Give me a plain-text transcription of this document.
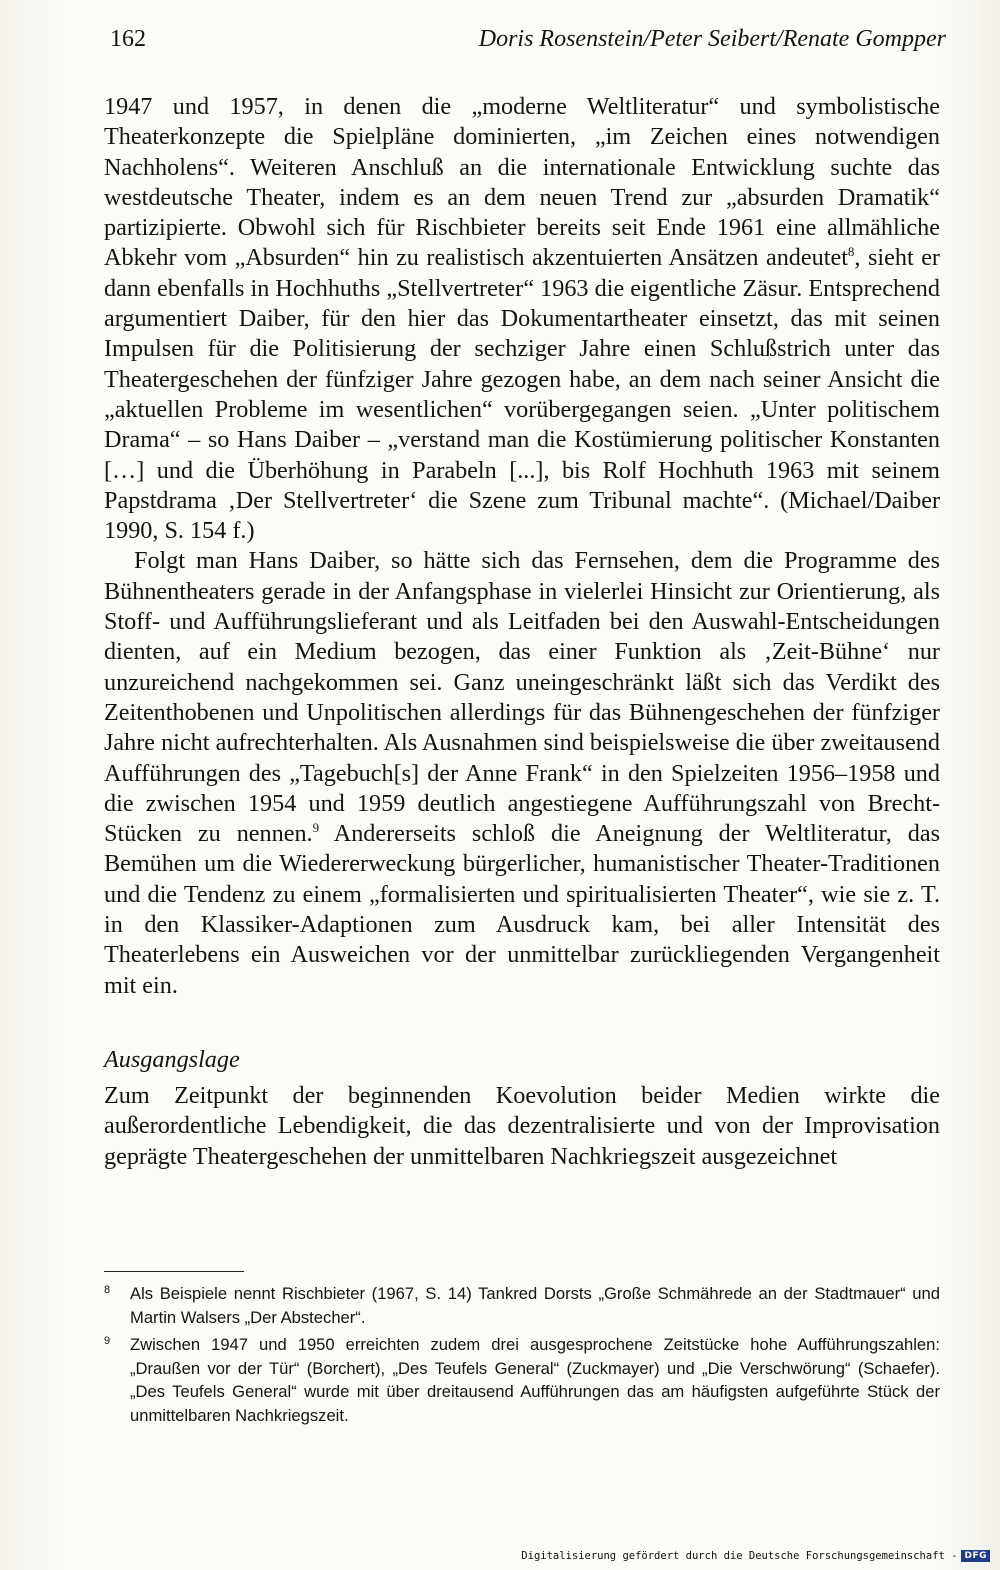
162	Doris Rosenstein/Peter Seibert/Renate Gompper

1947 und 1957, in denen die „moderne Weltliteratur“ und symbolistische Theaterkonzepte die Spielpläne dominierten, „im Zeichen eines notwendigen Nachholens“. Weiteren Anschluß an die internationale Entwicklung suchte das westdeutsche Theater, indem es an dem neuen Trend zur „absurden Dramatik“ partizipierte. Obwohl sich für Rischbieter bereits seit Ende 1961 eine allmähliche Abkehr vom „Absurden“ hin zu realistisch akzentuierten Ansätzen andeutet$^8$, sieht er dann ebenfalls in Hochhuths „Stellvertreter“ 1963 die eigentliche Zäsur. Entsprechend argumentiert Daiber, für den hier das Dokumentartheater einsetzt, das mit seinen Impulsen für die Politisierung der sechziger Jahre einen Schlußstrich unter das Theatergeschehen der fünfziger Jahre gezogen habe, an dem nach seiner Ansicht die „aktuellen Probleme im wesentlichen“ vorübergegangen seien. „Unter politischem Drama“ – so Hans Daiber – „verstand man die Kostümierung politischer Konstanten […] und die Überhöhung in Parabeln [...], bis Rolf Hochhuth 1963 mit seinem Papstdrama ‚Der Stellvertreter‘ die Szene zum Tribunal machte“. (Michael/Daiber 1990, S. 154 f.)

Folgt man Hans Daiber, so hätte sich das Fernsehen, dem die Programme des Bühnentheaters gerade in der Anfangsphase in vielerlei Hinsicht zur Orientierung, als Stoff- und Aufführungslieferant und als Leitfaden bei den Auswahl-Entscheidungen dienten, auf ein Medium bezogen, das einer Funktion als ‚Zeit-Bühne‘ nur unzureichend nachgekommen sei. Ganz uneingeschränkt läßt sich das Verdikt des Zeitenthobenen und Unpolitischen allerdings für das Bühnengeschehen der fünfziger Jahre nicht aufrechterhalten. Als Ausnahmen sind beispielsweise die über zweitausend Aufführungen des „Tagebuch[s] der Anne Frank“ in den Spielzeiten 1956–1958 und die zwischen 1954 und 1959 deutlich angestiegene Aufführungszahl von Brecht-Stücken zu nennen.$^9$ Andererseits schloß die Aneignung der Weltliteratur, das Bemühen um die Wiedererweckung bürgerlicher, humanistischer Theater-Traditionen und die Tendenz zu einem „formalisierten und spiritualisierten Theater“, wie sie z. T. in den Klassiker-Adaptionen zum Ausdruck kam, bei aller Intensität des Theaterlebens ein Ausweichen vor der unmittelbar zurückliegenden Vergangenheit mit ein.

Ausgangslage

Zum Zeitpunkt der beginnenden Koevolution beider Medien wirkte die außerordentliche Lebendigkeit, die das dezentralisierte und von der Improvisation geprägte Theatergeschehen der unmittelbaren Nachkriegszeit ausgezeichnet

8 Als Beispiele nennt Rischbieter (1967, S. 14) Tankred Dorsts „Große Schmährede an der Stadtmauer“ und Martin Walsers „Der Abstecher“.
9 Zwischen 1947 und 1950 erreichten zudem drei ausgesprochene Zeitstücke hohe Aufführungszahlen: „Draußen vor der Tür“ (Borchert), „Des Teufels General“ (Zuckmayer) und „Die Verschwörung“ (Schaefer). „Des Teufels General“ wurde mit über dreitausend Aufführungen das am häufigsten aufgeführte Stück der unmittelbaren Nachkriegszeit.
Digitalisierung gefördert durch die Deutsche Forschungsgemeinschaft - DFG
